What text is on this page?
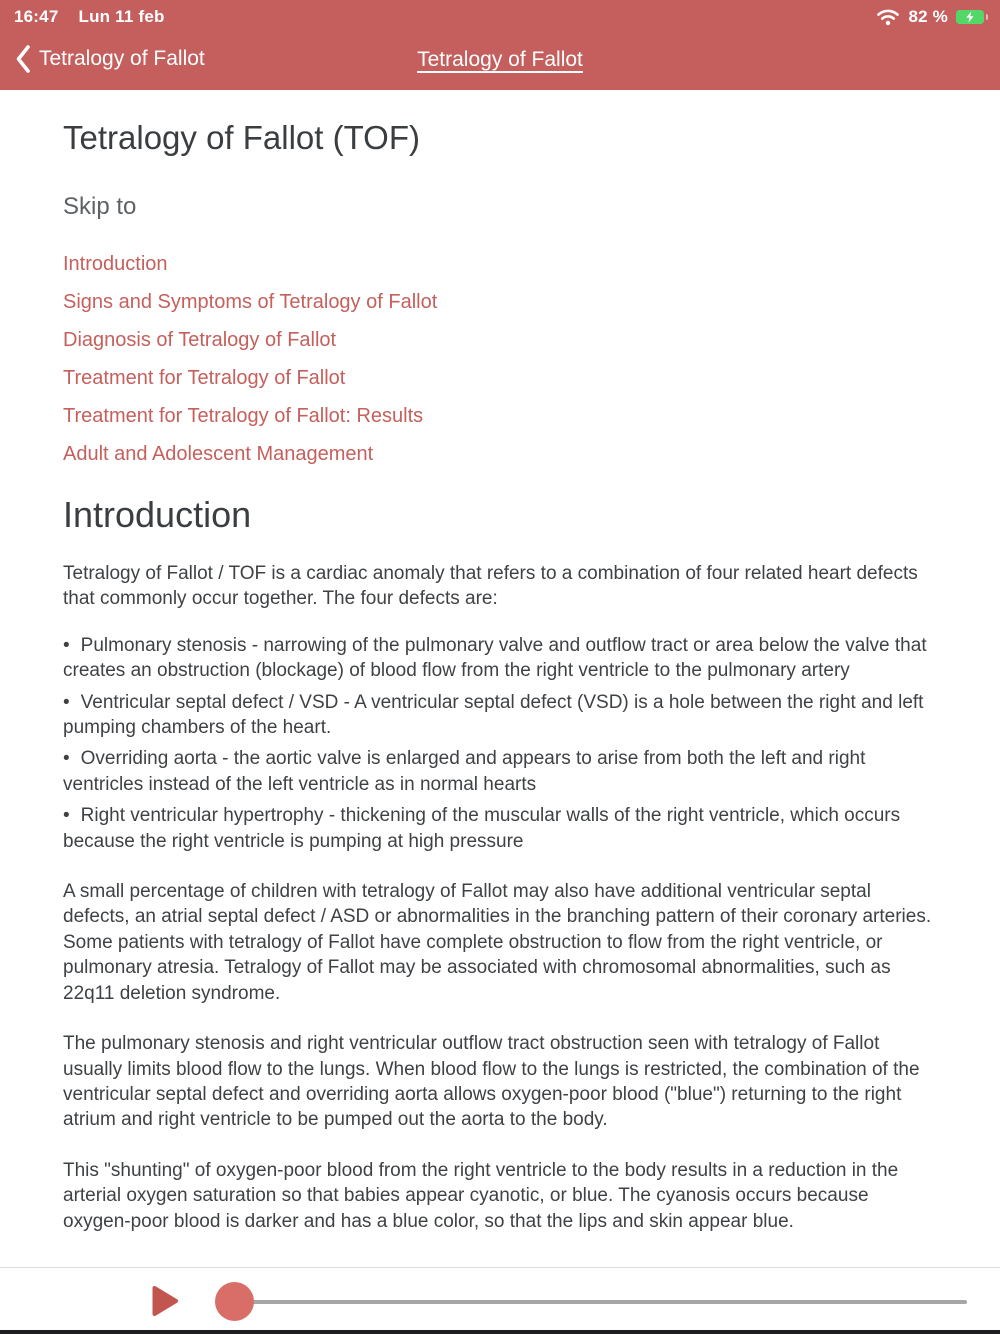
16:47 Lun 11 feb	82 %
Tetralogy of Fallot	Tetralogy of Fallot
Tetralogy of Fallot (TOF)
Skip to
Introduction
Signs and Symptoms of Tetralogy of Fallot
Diagnosis of Tetralogy of Fallot
Treatment for Tetralogy of Fallot
Treatment for Tetralogy of Fallot: Results
Adult and Adolescent Management
Introduction

Tetralogy of Fallot / TOF is a cardiac anomaly that refers to a combination of four related heart defects that commonly occur together. The four defects are:

• Pulmonary stenosis - narrowing of the pulmonary valve and outflow tract or area below the valve that creates an obstruction (blockage) of blood flow from the right ventricle to the pulmonary artery
• Ventricular septal defect / VSD - A ventricular septal defect (VSD) is a hole between the right and left pumping chambers of the heart.
• Overriding aorta - the aortic valve is enlarged and appears to arise from both the left and right ventricles instead of the left ventricle as in normal hearts
• Right ventricular hypertrophy - thickening of the muscular walls of the right ventricle, which occurs because the right ventricle is pumping at high pressure

A small percentage of children with tetralogy of Fallot may also have additional ventricular septal defects, an atrial septal defect / ASD or abnormalities in the branching pattern of their coronary arteries. Some patients with tetralogy of Fallot have complete obstruction to flow from the right ventricle, or pulmonary atresia. Tetralogy of Fallot may be associated with chromosomal abnormalities, such as 22q11 deletion syndrome.

The pulmonary stenosis and right ventricular outflow tract obstruction seen with tetralogy of Fallot usually limits blood flow to the lungs. When blood flow to the lungs is restricted, the combination of the ventricular septal defect and overriding aorta allows oxygen-poor blood ("blue") returning to the right atrium and right ventricle to be pumped out the aorta to the body.

This "shunting" of oxygen-poor blood from the right ventricle to the body results in a reduction in the arterial oxygen saturation so that babies appear cyanotic, or blue. The cyanosis occurs because oxygen-poor blood is darker and has a blue color, so that the lips and skin appear blue.
